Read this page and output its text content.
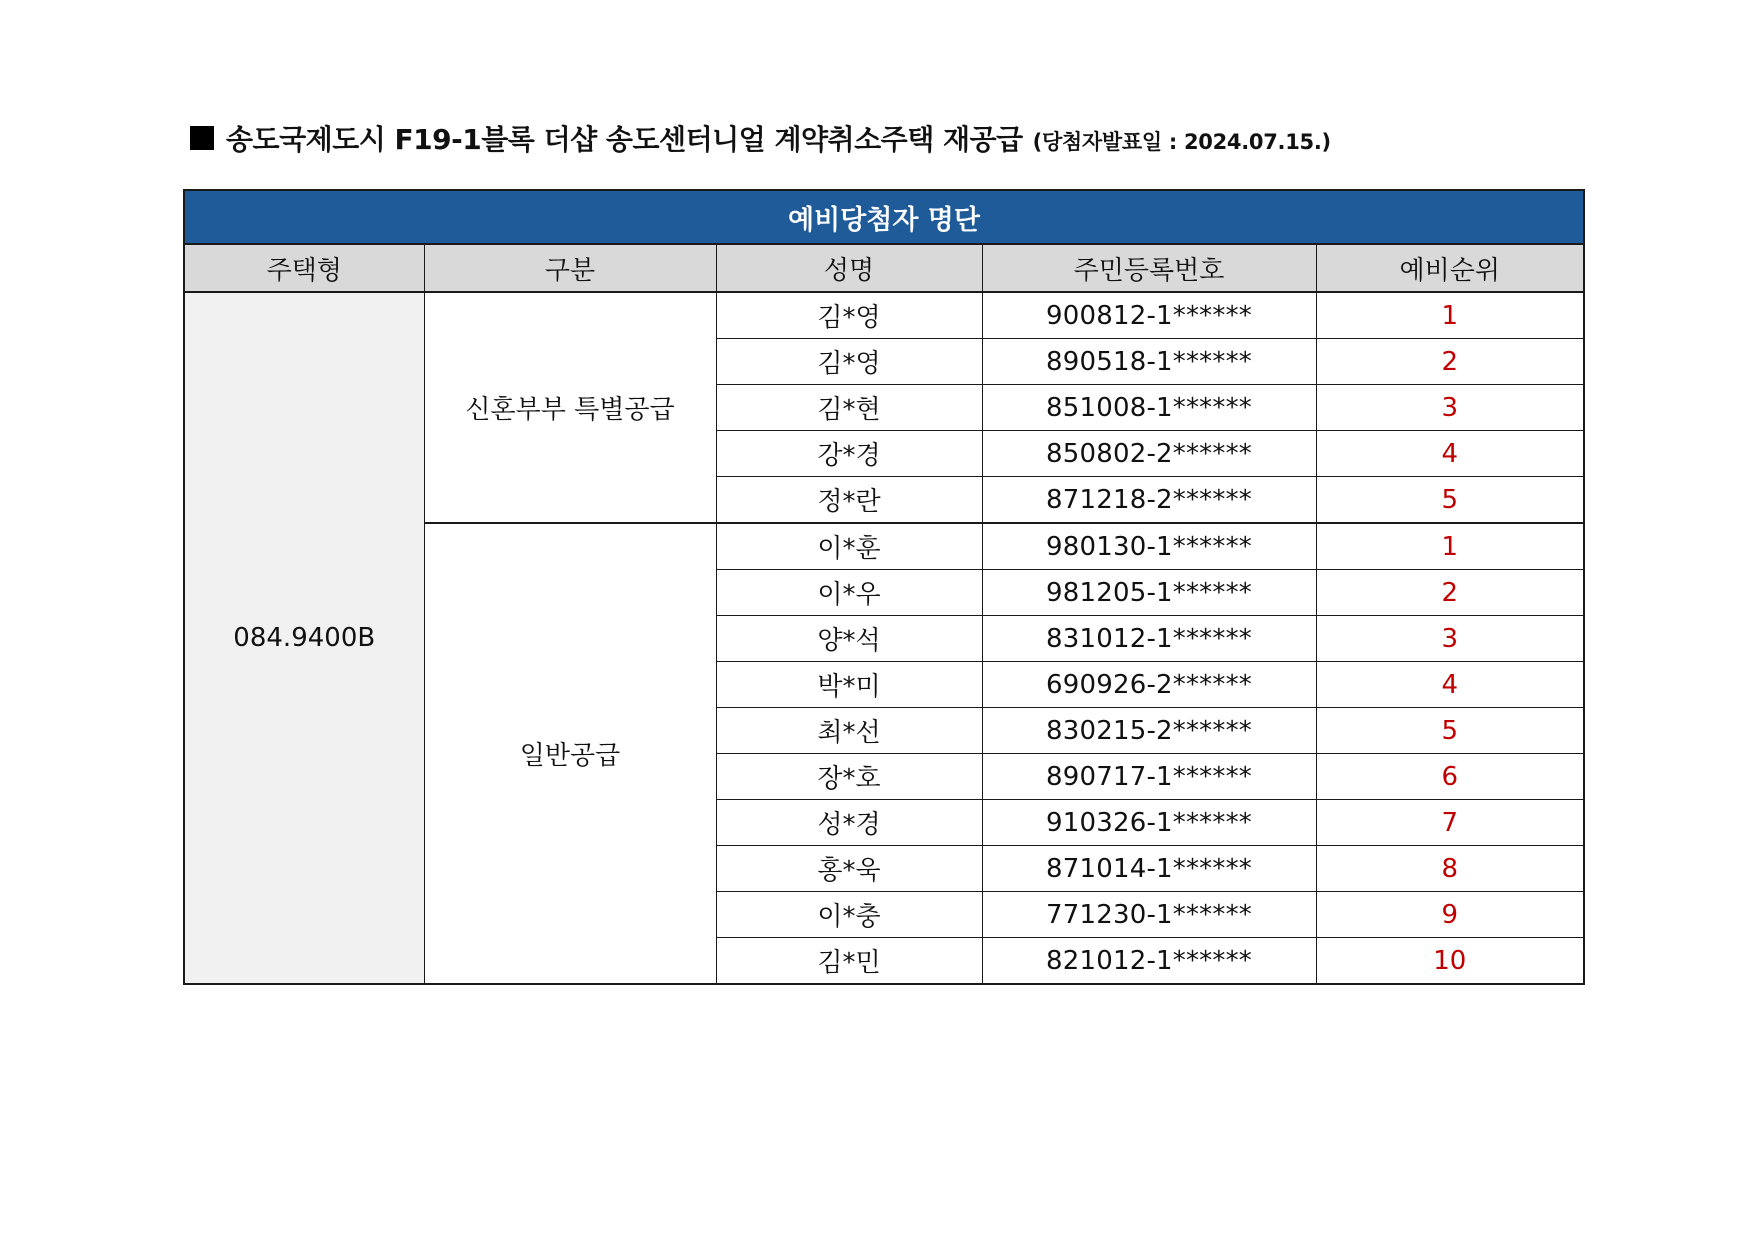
송도국제도시 F19-1블록 더샵 송도센터니얼 계약취소주택 재공급 (당첨자발표일 : 2024.07.15.)
예비당첨자 명단				
주택형	구분	성명	주민등록번호	예비순위
084.9400B	신혼부부 특별공급	김*영	900812-1******	1
		김*영	890518-1******	2
		김*현	851008-1******	3
		강*경	850802-2******	4
		정*란	871218-2******	5
	일반공급	이*훈	980130-1******	1
		이*우	981205-1******	2
		양*석	831012-1******	3
		박*미	690926-2******	4
		최*선	830215-2******	5
		장*호	890717-1******	6
		성*경	910326-1******	7
		홍*욱	871014-1******	8
		이*충	771230-1******	9
		김*민	821012-1******	10
